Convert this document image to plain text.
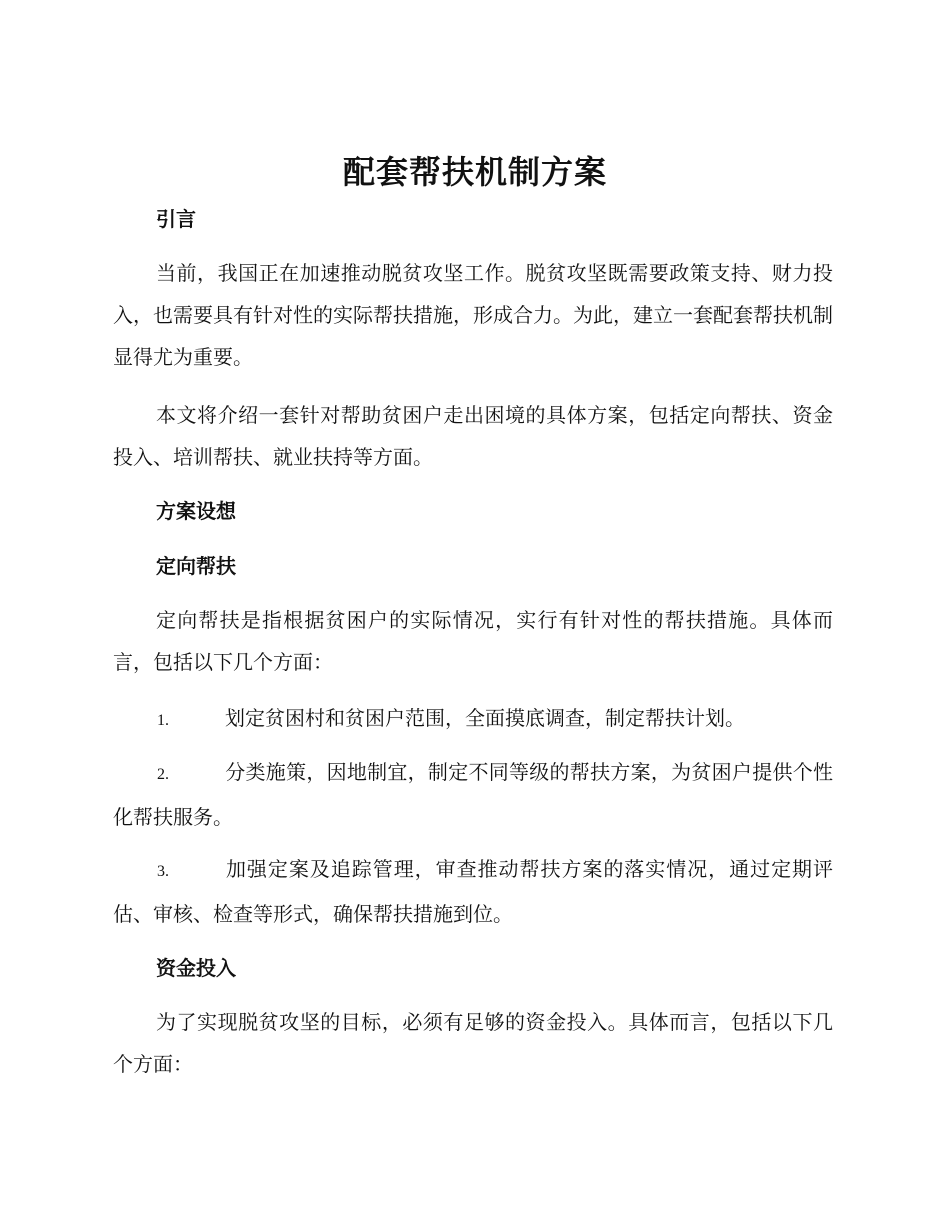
配套帮扶机制方案
引言

当前，我国正在加速推动脱贫攻坚工作。脱贫攻坚既需要政策支持、财力投入，也需要具有针对性的实际帮扶措施，形成合力。为此，建立一套配套帮扶机制显得尤为重要。

本文将介绍一套针对帮助贫困户走出困境的具体方案，包括定向帮扶、资金投入、培训帮扶、就业扶持等方面。

方案设想
定向帮扶

定向帮扶是指根据贫困户的实际情况，实行有针对性的帮扶措施。具体而言，包括以下几个方面：

1.	划定贫困村和贫困户范围，全面摸底调查，制定帮扶计划。

2.	分类施策，因地制宜，制定不同等级的帮扶方案，为贫困户提供个性化帮扶服务。

3.	加强定案及追踪管理，审查推动帮扶方案的落实情况，通过定期评估、审核、检查等形式，确保帮扶措施到位。

资金投入

为了实现脱贫攻坚的目标，必须有足够的资金投入。具体而言，包括以下几个方面：
